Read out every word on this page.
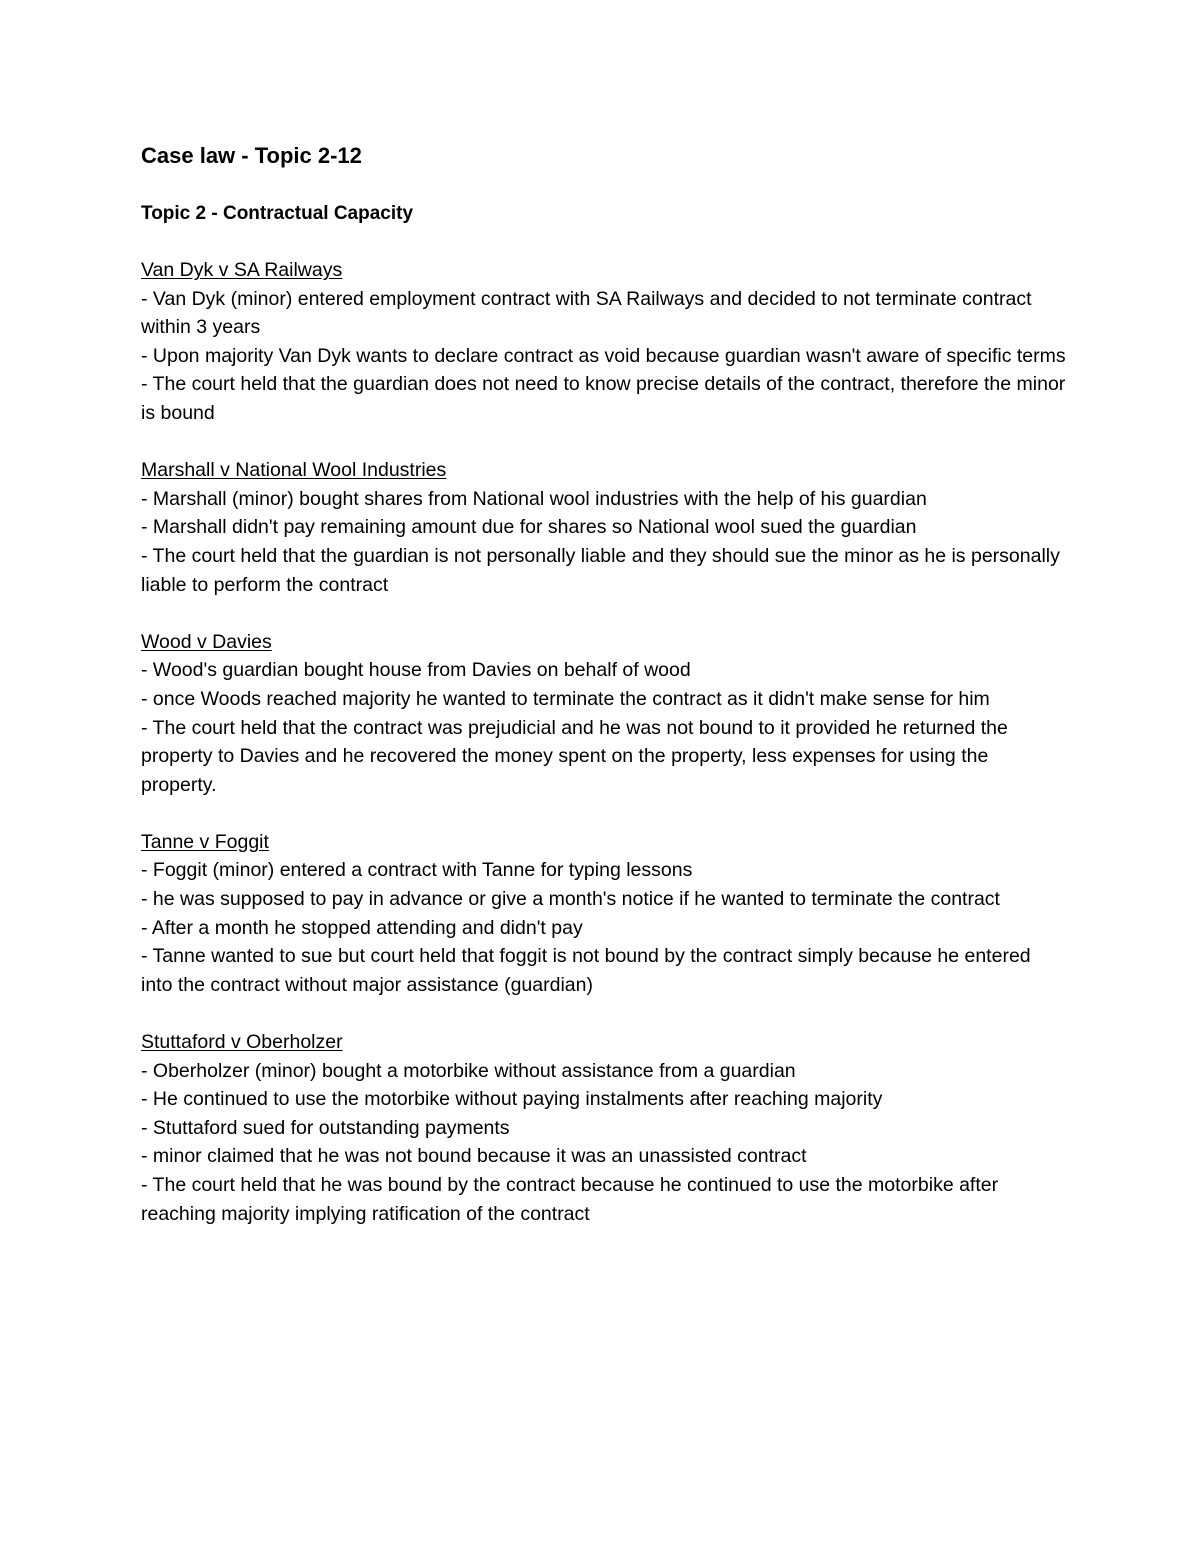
Case law - Topic 2-12
Topic 2 - Contractual Capacity

Van Dyk v SA Railways

- Van Dyk (minor) entered employment contract with SA Railways and decided to not terminate contract within 3 years

- Upon majority Van Dyk wants to declare contract as void because guardian wasn't aware of specific terms

- The court held that the guardian does not need to know precise details of the contract, therefore the minor is bound

Marshall v National Wool Industries

- Marshall (minor) bought shares from National wool industries with the help of his guardian

- Marshall didn't pay remaining amount due for shares so National wool sued the guardian

- The court held that the guardian is not personally liable and they should sue the minor as he is personally liable to perform the contract

Wood v Davies

- Wood's guardian bought house from Davies on behalf of wood

- once Woods reached majority he wanted to terminate the contract as it didn't make sense for him

- The court held that the contract was prejudicial and he was not bound to it provided he returned the property to Davies and he recovered the money spent on the property, less expenses for using the property.

Tanne v Foggit

- Foggit (minor) entered a contract with Tanne for typing lessons

- he was supposed to pay in advance or give a month's notice if he wanted to terminate the contract

- After a month he stopped attending and didn't pay

- Tanne wanted to sue but court held that foggit is not bound by the contract simply because he entered into the contract without major assistance (guardian)

Stuttaford v Oberholzer

- Oberholzer (minor) bought a motorbike without assistance from a guardian

- He continued to use the motorbike without paying instalments after reaching majority

- Stuttaford sued for outstanding payments

- minor claimed that he was not bound because it was an unassisted contract

- The court held that he was bound by the contract because he continued to use the motorbike after reaching majority implying ratification of the contract
